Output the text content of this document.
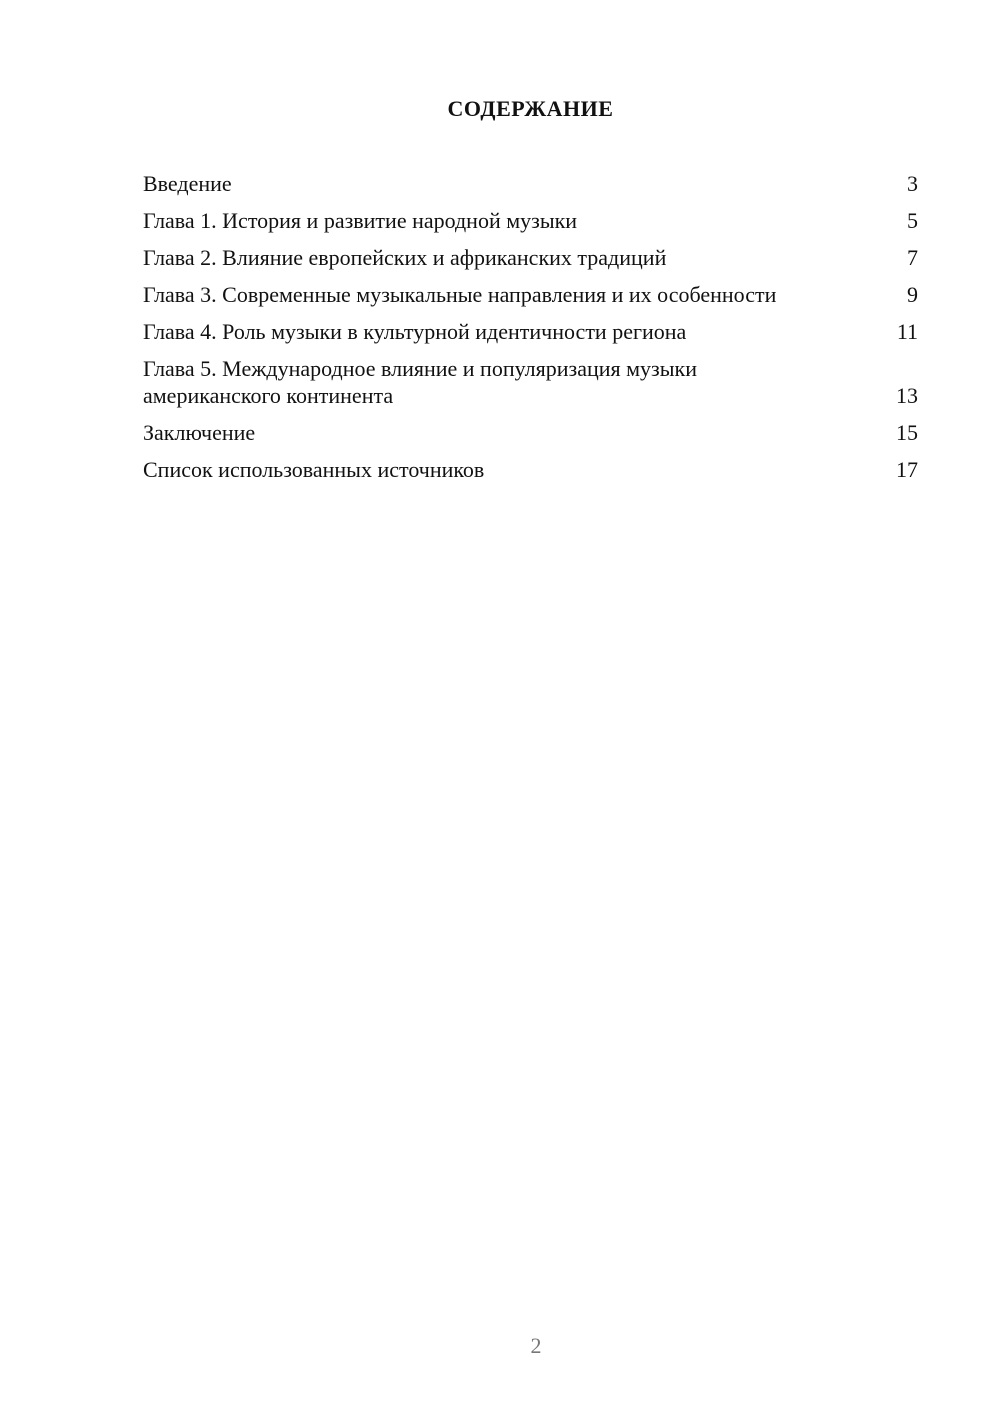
СОДЕРЖАНИЕ
Введение	3
Глава 1. История и развитие народной музыки	5
Глава 2. Влияние европейских и африканских традиций	7
Глава 3. Современные музыкальные направления и их особенности	9
Глава 4. Роль музыки в культурной идентичности региона	11
Глава 5. Международное влияние и популяризация музыки американского континента	13
Заключение	15
Список использованных источников	17
2
